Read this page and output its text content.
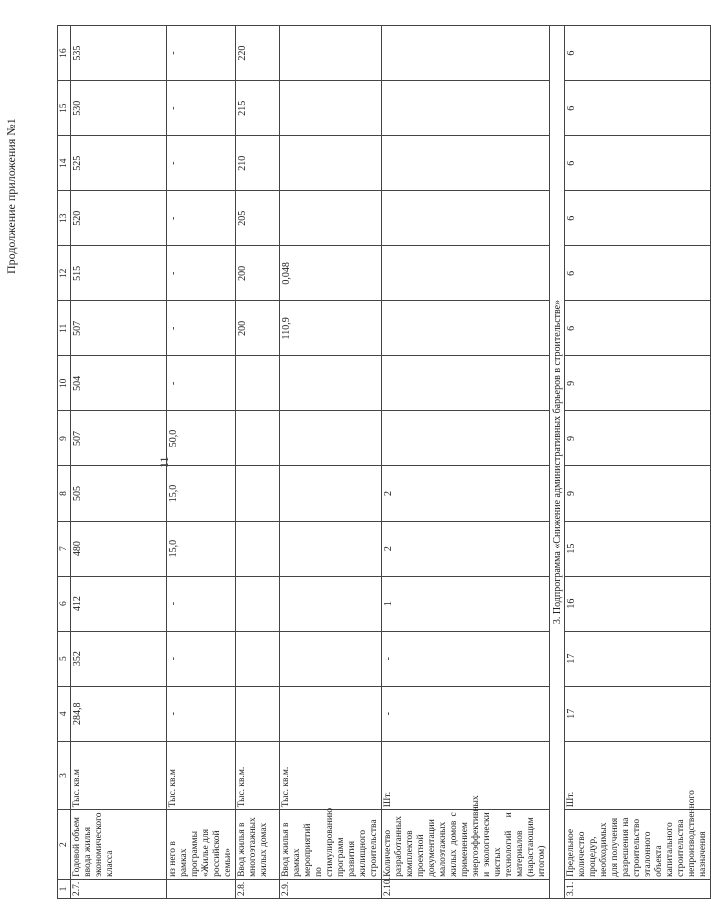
11
Продолжение приложения №1
1	2	3	4	5	6	7	8	9	10	11	12	13	14	15	16
2.7.	Годовой объем ввода жилья экономического класса	Тыс. кв.м	284,8	352	412	480	505	507	504	507	515	520	525	530	535
	из него в рамках программы «Жилье для российской семьи»	Тыс. кв.м	-	-	-	15,0	15,0	50,0	-	-	-	-	-	-	-
2.8.	Ввод жилья в многоэтажных жилых домах	Тыс. кв.м.								200	200	205	210	215	220
2.9.	Ввод жилья в рамках мероприятий по стимулированию программ развития жилищного строительства	Тыс. кв.м.								110,9	0,048				
2.10.	Количество разработанных комплектов проектной документации малоэтажных жилых домов с применением энергоэффективных и экологически чистых технологий и материалов (нарастающим итогом)	Шт.	-	-	1	2	2								
3. Подпрограмма «Снижение административных барьеров в строительстве»															
3.1.	Предельное количество процедур, необходимых для получения разрешения на строительство эталонного объекта капитального строительства непроизводственного назначения	Шт.	17	17	16	15	9	9	9	6	6	6	6	6	6
